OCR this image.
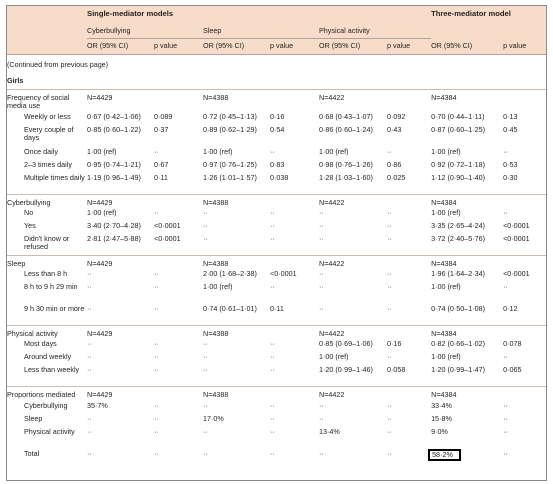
	Single-mediator models						Three-mediator model	
	Cyberbullying		Sleep		Physical activity			
	OR (95% CI)	p value	OR (95% CI)	p value	OR (95% CI)	p value	OR (95% CI)	p value
(Continued from previous page)								
Girls								
Frequency of social media use	N=4429		N=4388		N=4422		N=4384	
Weekly or less	0·67 (0·42–1·06)	0·089	0·72 (0·45–1·13)	0·16	0·68 (0·43–1·07)	0·092	0·70 (0·44–1·11)	0·13
Every couple of days	0·85 (0·60–1·22)	0·37	0·89 (0·62–1·29)	0·54	0·86 (0·60–1·24)	0·43	0·87 (0·60–1·25)	0·45
Once daily	1·00 (ref)	··	1·00 (ref)	··	1·00 (ref)	··	1·00 (ref)	··
2–3 times daily	0·95 (0·74–1·21)	0·67	0·97 (0·76–1·25)	0·83	0·98 (0·76–1·26)	0·86	0·92 (0·72–1·18)	0·53
Multiple times daily	1·19 (0·96–1·49)	0·11	1·26 (1·01–1·57)	0·038	1·28 (1·03–1·60)	0·025	1·12 (0·90–1·40)	0·30
Cyberbullying	N=4429		N=4388		N=4422		N=4384	
No	1·00 (ref)	··	··	··	··	··	1·00 (ref)	··
Yes	3·40 (2·70–4·28)	<0·0001	··	··	··	··	3·35 (2·65–4·24)	<0·0001
Didn't know or refused	2·81 (2·47–5·88)	<0·0001	··	··	··	··	3·72 (2·40–5·76)	<0·0001
Sleep	N=4429		N=4388		N=4422		N=4384	
Less than 8 h	··	··	2·00 (1·68–2·38)	<0·0001	··	··	1·96 (1·64–2·34)	<0·0001
8 h to 9 h 29 min	··	··	1·00 (ref)	··	··	··	1·00 (ref)	··
9 h 30 min or more	··	··	0·74 (0·61–1·01)	0·11	··	··	0·74 (0·50–1·08)	0·12
Physical activity	N=4429		N=4388		N=4422		N=4384	
Most days	··	··	··	··	0·85 (0·69–1·06)	0·16	0·82 (0·66–1·02)	0·078
Around weekly	··	··	··	··	1·00 (ref)	··	1·00 (ref)	··
Less than weekly	··	··	··	··	1·20 (0·99–1·46)	0·058	1·20 (0·99–1·47)	0·065
Proportions mediated	N=4429		N=4388		N=4422		N=4384	
Cyberbullying	35·7%	··	··	··	··	··	33·4%	··
Sleep	··	··	17·0%	··	··	··	15·8%	··
Physical activity	··	··	··	··	13·4%	··	9·0%	··
Total	··	··	··	··	··	··	58·2%	··
